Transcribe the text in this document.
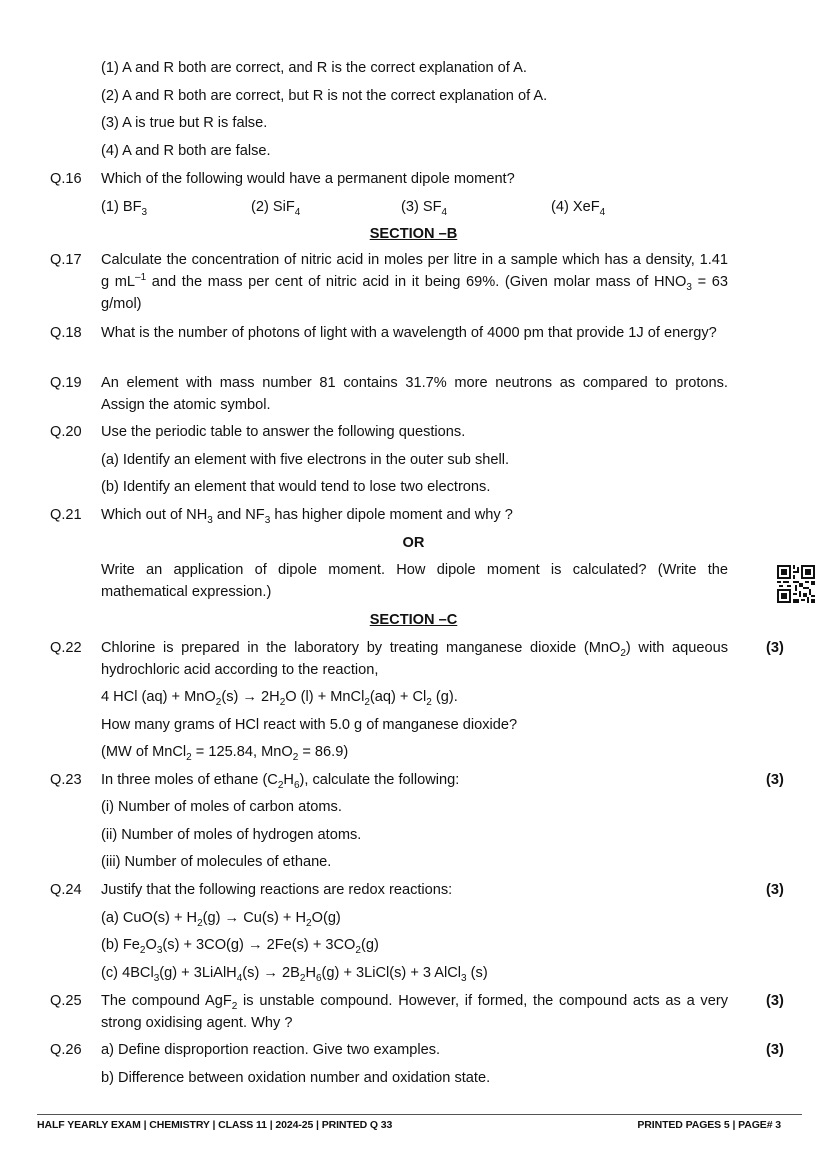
(1) A and R both are correct, and R is the correct explanation of A.
(2) A and R both are correct, but R is not the correct explanation of A.
(3) A is true but R is false.
(4) A and R both are false.
Q.16 Which of the following would have a permanent dipole moment?
(1) $BF_3$	(2) SiF$_4$	(3) $SF_4$	(4) XeF$_4$
SECTION –B
Q.17 Calculate the concentration of nitric acid in moles per litre in a sample which has a density, 1.41 g $mL^{-1}$ and the mass per cent of nitric acid in it being 69%. (Given molar mass of $HNO_3 = 63$ g/mol)
Q.18 What is the number of photons of light with a wavelength of 4000 pm that provide 1J of energy?
Q.19 An element with mass number 81 contains 31.7% more neutrons as compared to protons. Assign the atomic symbol.
Q.20 Use the periodic table to answer the following questions.
(a) Identify an element with five electrons in the outer sub shell.
(b) Identify an element that would tend to lose two electrons.
Q.21 Which out of $NH_3$ and $NF_3$ has higher dipole moment and why ?
OR
Write an application of dipole moment. How dipole moment is calculated? (Write the mathematical expression.)
SECTION –C
Q.22	(3)
Chlorine is prepared in the laboratory by treating manganese dioxide (MnO$_2$) with aqueous hydrochloric acid according to the reaction,
4 HCl $(aq) + MnO_2(s) \to 2H_2O$ (l) + MnCl$_2$(aq) + $Cl_2$ (g).
How many grams of HCl react with 5.0 g of manganese dioxide?
(MW of MnCl$_2$ = 125.84, MnO$_2$ = 86.9)
Q.23	(3)
In three moles of ethane $(C_2H_6)$, calculate the following:
(i) Number of moles of carbon atoms.
(ii) Number of moles of hydrogen atoms.
(iii) Number of molecules of ethane.
Q.24	(3)
Justify that the following reactions are redox reactions:
(a) $CuO(s) + H_2(g) \to Cu(s) + H_2O(g)$
(b) $Fe_2O_3(s) + 3CO(g) \to 2Fe(s) + 3CO_2(g)$
(c) 4BCl$_3$(g) + 3LiAlH$_4$(s) → $2B_2H_6(g)$ + 3LiCl(s) + 3 AlCl$_3$ (s)
Q.25	(3)
The compound AgF$_2$ is unstable compound. However, if formed, the compound acts as a very strong oxidising agent. Why ?
Q.26	(3)
a) Define disproportion reaction. Give two examples.
b) Difference between oxidation number and oxidation state.
HALF YEARLY EXAM | CHEMISTRY | CLASS 11 | 2024-25 | PRINTED Q 33	PRINTED PAGES 5 | PAGE# 3
